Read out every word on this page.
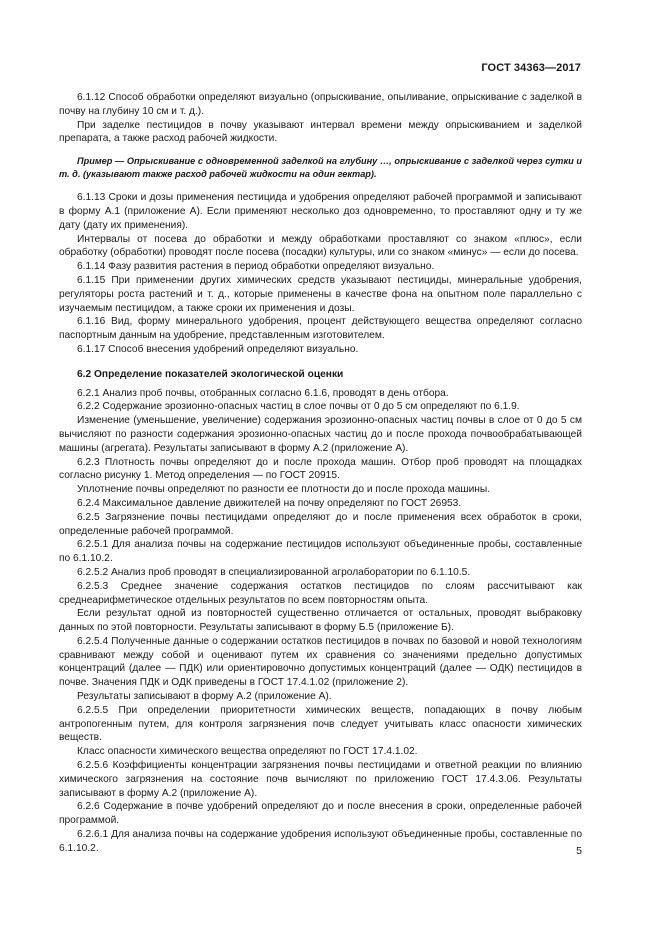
ГОСТ 34363—2017

6.1.12 Способ обработки определяют визуально (опрыскивание, опыливание, опрыскивание с заделкой в почву на глубину 10 см и т. д.).

При заделке пестицидов в почву указывают интервал времени между опрыскиванием и заделкой препарата, а также расход рабочей жидкости.

Пример — Опрыскивание с одновременной заделкой на глубину …, опрыскивание с заделкой через сутки и т. д. (указывают также расход рабочей жидкости на один гектар).

6.1.13 Сроки и дозы применения пестицида и удобрения определяют рабочей программой и записывают в форму А.1 (приложение А). Если применяют несколько доз одновременно, то проставляют одну и ту же дату (дату их применения).

Интервалы от посева до обработки и между обработками проставляют со знаком «плюс», если обработку (обработки) проводят после посева (посадки) культуры, или со знаком «минус» — если до посева.

6.1.14 Фазу развития растения в период обработки определяют визуально.

6.1.15 При применении других химических средств указывают пестициды, минеральные удобрения, регуляторы роста растений и т. д., которые применены в качестве фона на опытном поле параллельно с изучаемым пестицидом, а также сроки их применения и дозы.

6.1.16 Вид, форму минерального удобрения, процент действующего вещества определяют согласно паспортным данным на удобрение, представленным изготовителем.

6.1.17 Способ внесения удобрений определяют визуально.

6.2 Определение показателей экологической оценки

6.2.1 Анализ проб почвы, отобранных согласно 6.1.6, проводят в день отбора.

6.2.2 Содержание эрозионно-опасных частиц в слое почвы от 0 до 5 см определяют по 6.1.9.

Изменение (уменьшение, увеличение) содержания эрозионно-опасных частиц почвы в слое от 0 до 5 см вычисляют по разности содержания эрозионно-опасных частиц до и после прохода почвообрабатывающей машины (агрегата). Результаты записывают в форму А.2 (приложение А).

6.2.3 Плотность почвы определяют до и после прохода машин. Отбор проб проводят на площадках согласно рисунку 1. Метод определения — по ГОСТ 20915.

Уплотнение почвы определяют по разности ее плотности до и после прохода машины.

6.2.4 Максимальное давление движителей на почву определяют по ГОСТ 26953.

6.2.5 Загрязнение почвы пестицидами определяют до и после применения всех обработок в сроки, определенные рабочей программой.

6.2.5.1 Для анализа почвы на содержание пестицидов используют объединенные пробы, составленные по 6.1.10.2.

6.2.5.2 Анализ проб проводят в специализированной агролаборатории по 6.1.10.5.

6.2.5.3 Среднее значение содержания остатков пестицидов по слоям рассчитывают как среднеарифметическое отдельных результатов по всем повторностям опыта.

Если результат одной из повторностей существенно отличается от остальных, проводят выбраковку данных по этой повторности. Результаты записывают в форму Б.5 (приложение Б).

6.2.5.4 Полученные данные о содержании остатков пестицидов в почвах по базовой и новой технологиям сравнивают между собой и оценивают путем их сравнения со значениями предельно допустимых концентраций (далее — ПДК) или ориентировочно допустимых концентраций (далее — ОДК) пестицидов в почве. Значения ПДК и ОДК приведены в ГОСТ 17.4.1.02 (приложение 2).

Результаты записывают в форму А.2 (приложение А).

6.2.5.5 При определении приоритетности химических веществ, попадающих в почву любым антропогенным путем, для контроля загрязнения почв следует учитывать класс опасности химических веществ.

Класс опасности химического вещества определяют по ГОСТ 17.4.1.02.

6.2.5.6 Коэффициенты концентрации загрязнения почвы пестицидами и ответной реакции по влиянию химического загрязнения на состояние почв вычисляют по приложению ГОСТ 17.4.3.06. Результаты записывают в форму А.2 (приложение А).

6.2.6 Содержание в почве удобрений определяют до и после внесения в сроки, определенные рабочей программой.

6.2.6.1 Для анализа почвы на содержание удобрения используют объединенные пробы, составленные по 6.1.10.2.	5
